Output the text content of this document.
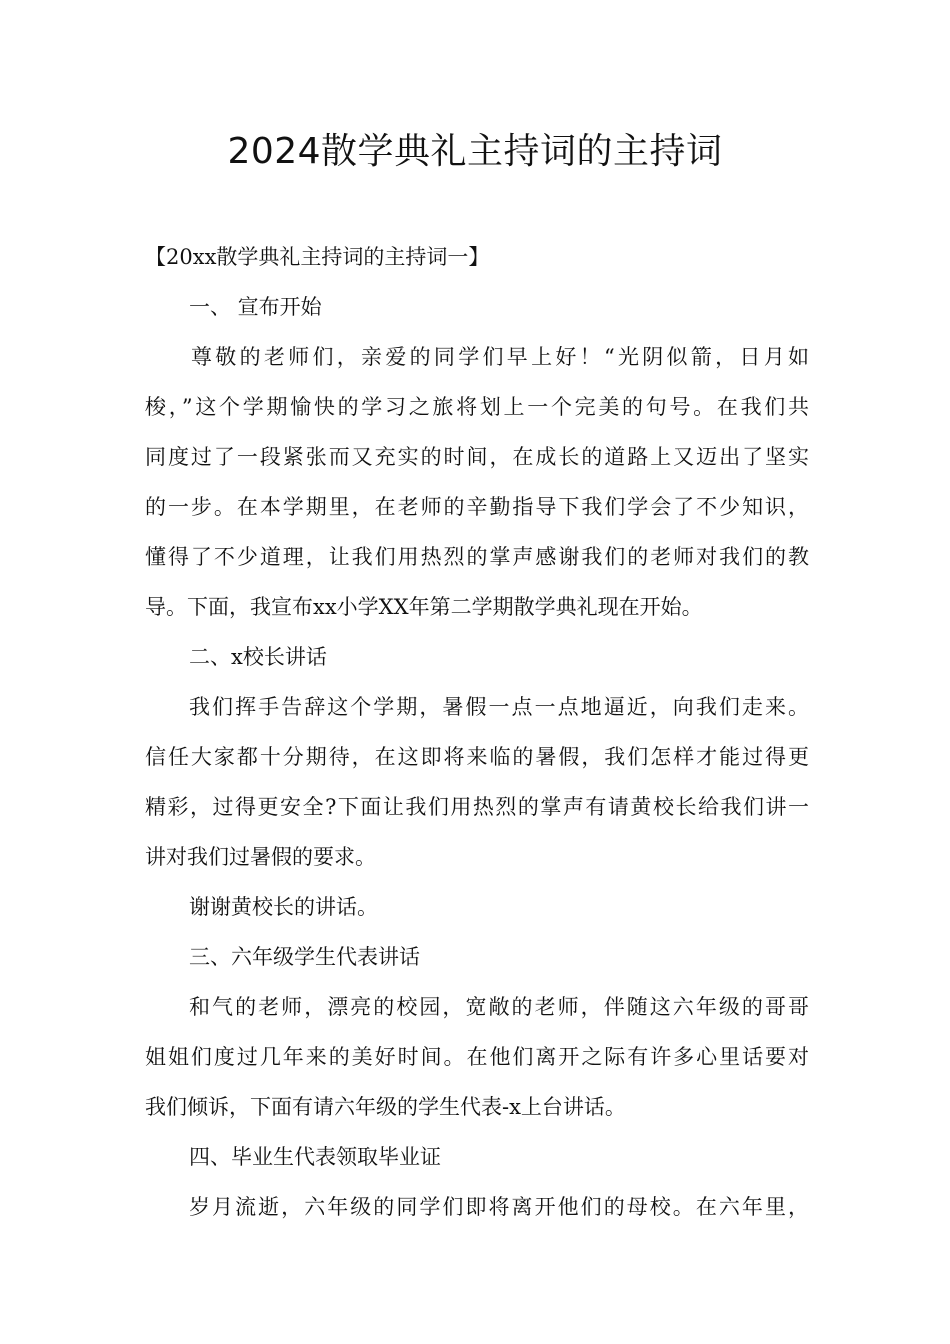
2024散学典礼主持词的主持词
【20xx散学典礼主持词的主持词一】
一、 宣布开始
尊敬的老师们，亲爱的同学们早上好！“光阴似箭，日月如
梭，”这个学期愉快的学习之旅将划上一个完美的句号。在我们共
同度过了一段紧张而又充实的时间，在成长的道路上又迈出了坚实
的一步。在本学期里，在老师的辛勤指导下我们学会了不少知识，
懂得了不少道理，让我们用热烈的掌声感谢我们的老师对我们的教
导。下面，我宣布xx小学XX年第二学期散学典礼现在开始。
二、x校长讲话
我们挥手告辞这个学期，暑假一点一点地逼近，向我们走来。
信任大家都十分期待，在这即将来临的暑假，我们怎样才能过得更
精彩，过得更安全?下面让我们用热烈的掌声有请黄校长给我们讲一
讲对我们过暑假的要求。
谢谢黄校长的讲话。
三、六年级学生代表讲话
和气的老师，漂亮的校园，宽敞的老师，伴随这六年级的哥哥
姐姐们度过几年来的美好时间。在他们离开之际有许多心里话要对
我们倾诉，下面有请六年级的学生代表-x上台讲话。
四、毕业生代表领取毕业证
岁月流逝，六年级的同学们即将离开他们的母校。在六年里，
